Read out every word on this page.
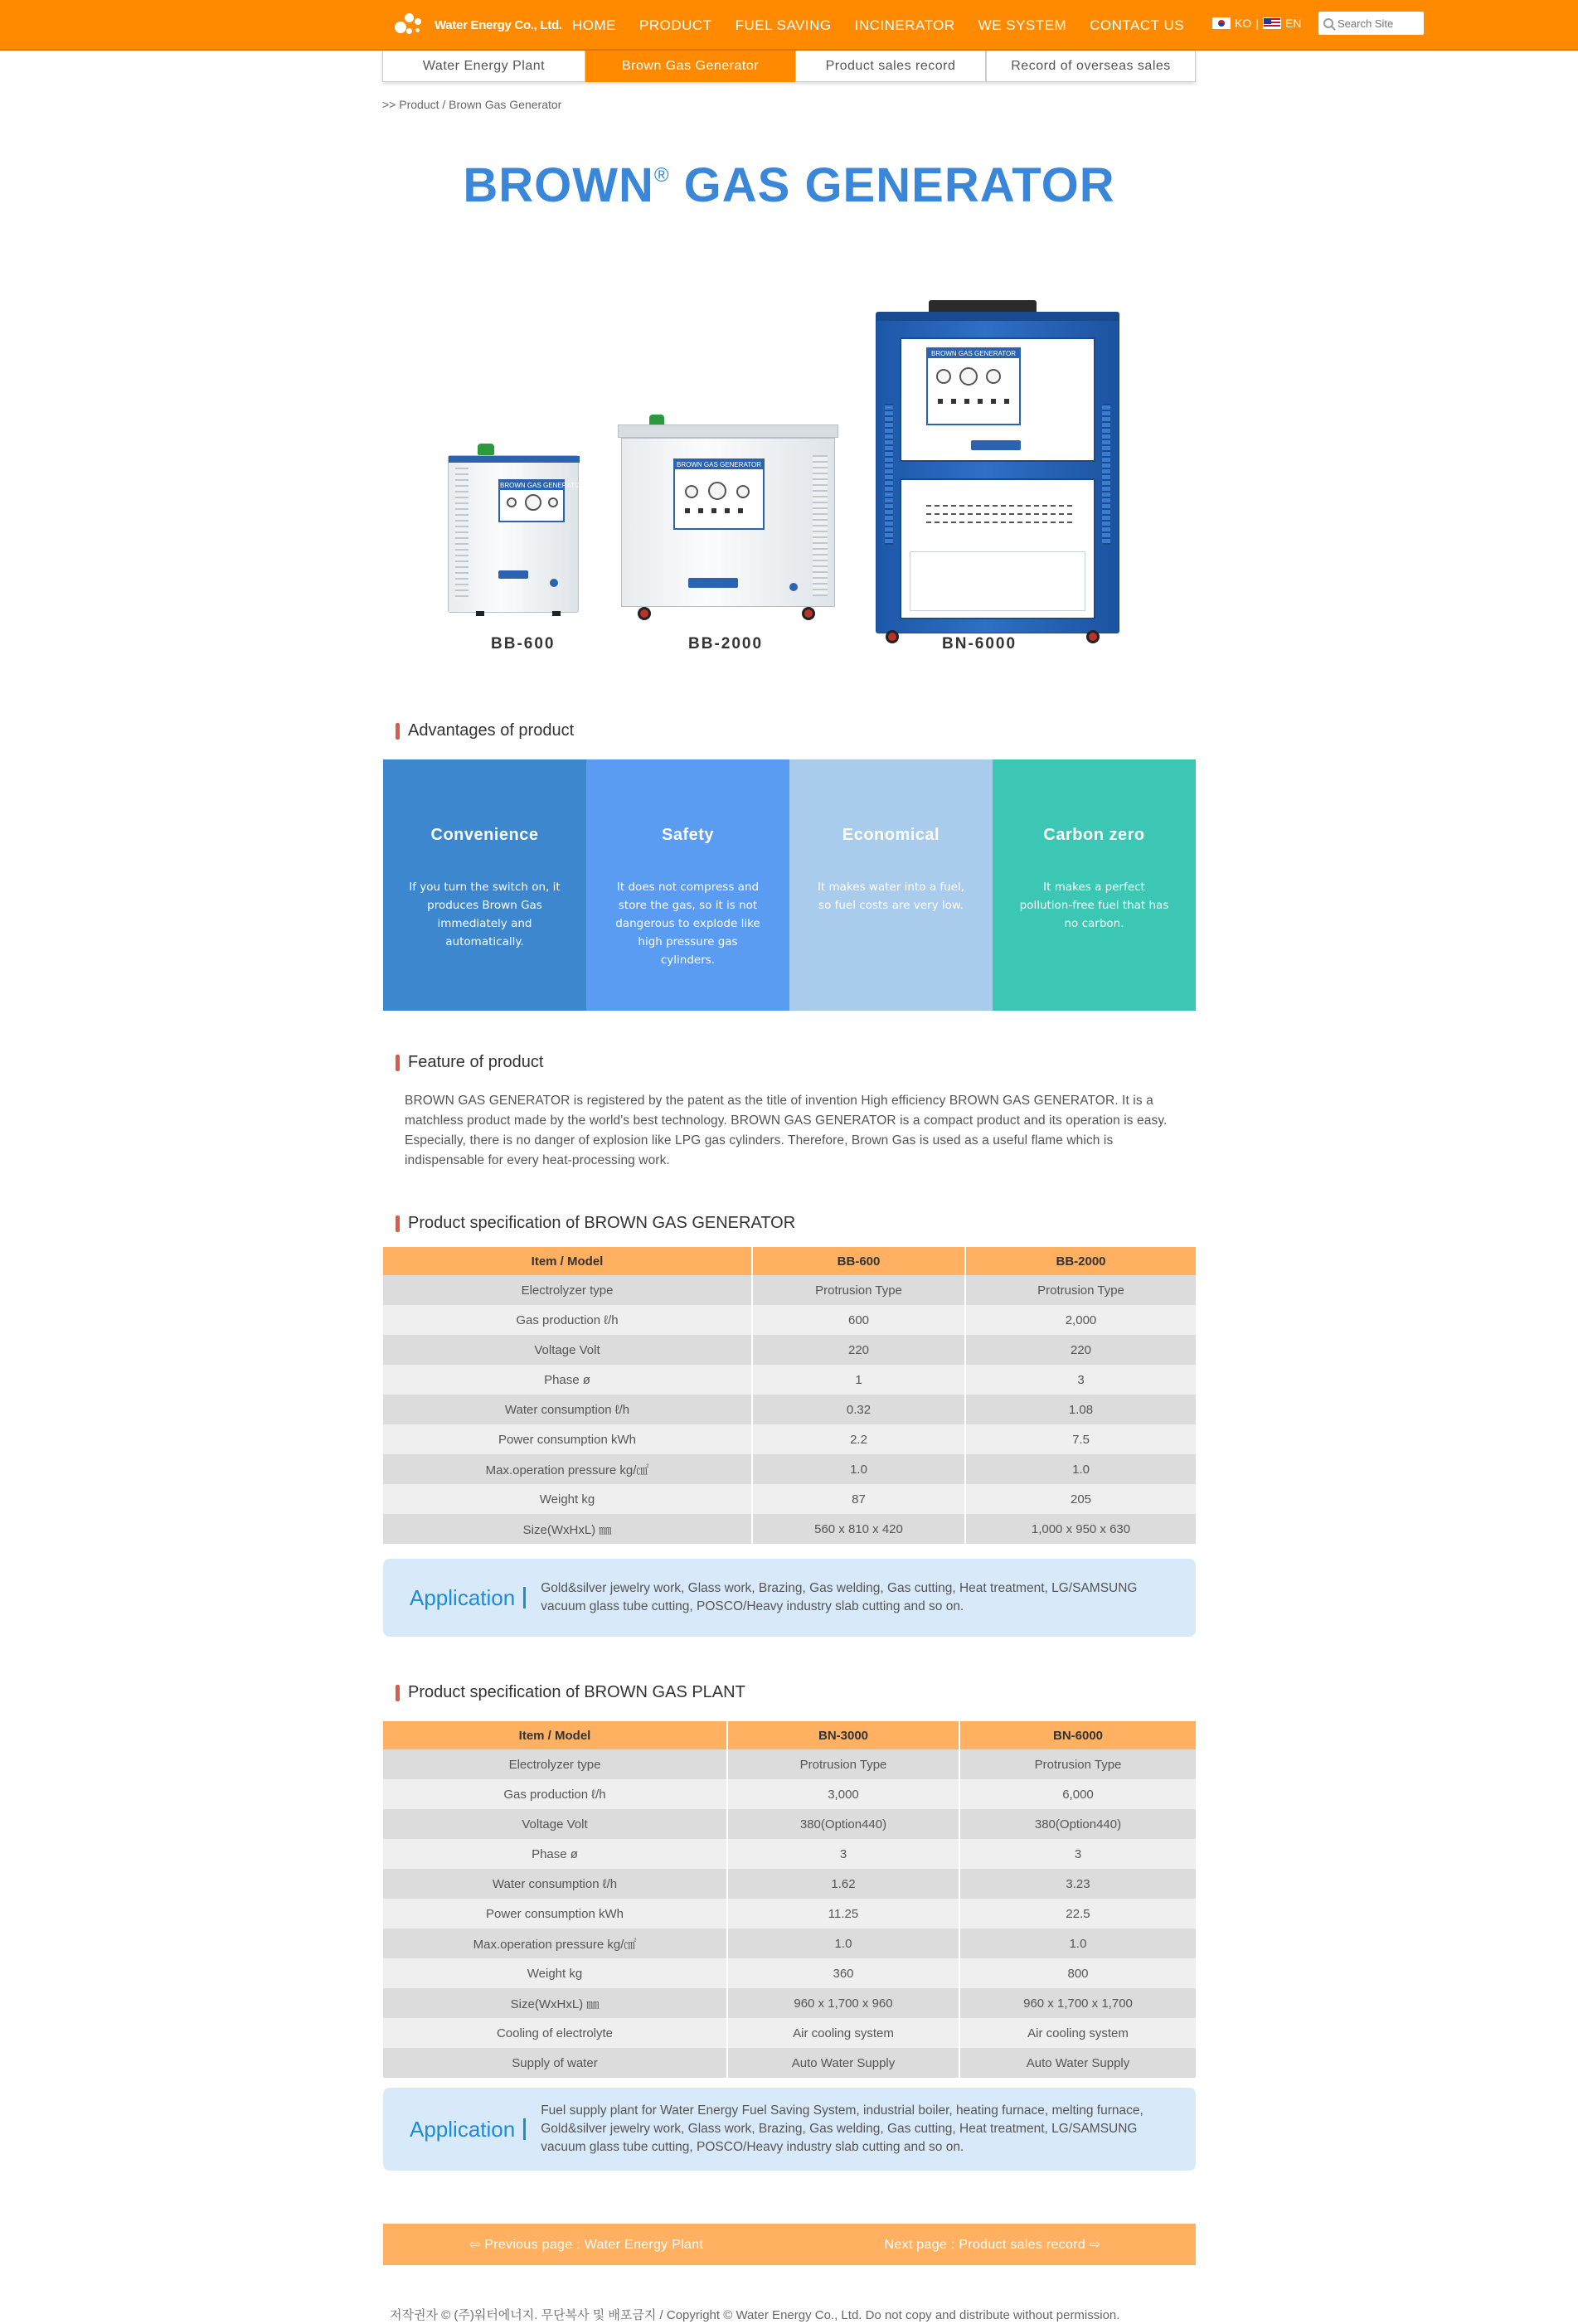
Water Energy Co., Ltd. HOME PRODUCT FUEL SAVING INCINERATOR WE SYSTEM CONTACT US	KO | EN
Search Site
Water Energy Plant	Brown Gas Generator	Product sales record	Record of overseas sales
>> Product / Brown Gas Generator
BROWN® GAS GENERATOR
BROWN GAS GENERATOR
BB-600
BROWN GAS GENERATOR
BB-2000
BROWN GAS GENERATOR
BN-6000
Advantages of product
Convenience

If you turn the switch on, it produces Brown Gas immediately and automatically.

Safety

It does not compress and store the gas, so it is not dangerous to explode like high pressure gas cylinders.

Economical

It makes water into a fuel, so fuel costs are very low.

Carbon zero

It makes a perfect pollution-free fuel that has no carbon.

Feature of product

BROWN GAS GENERATOR is registered by the patent as the title of invention High efficiency BROWN GAS GENERATOR. It is a matchless product made by the world's best technology. BROWN GAS GENERATOR is a compact product and its operation is easy. Especially, there is no danger of explosion like LPG gas cylinders. Therefore, Brown Gas is used as a useful flame which is indispensable for every heat-processing work.

Product specification of BROWN GAS GENERATOR
Item / Model	BB-600	BB-2000
Electrolyzer type	Protrusion Type	Protrusion Type
Gas production ℓ/h	600	2,000
Voltage Volt	220	220
Phase ø	1	3
Water consumption ℓ/h	0.32	1.08
Power consumption kWh	2.2	7.5
Max.operation pressure kg/㎠	1.0	1.0
Weight kg	87	205
Size(WxHxL) ㎜	560 x 810 x 420	1,000 x 950 x 630
Application	Gold&silver jewelry work, Glass work, Brazing, Gas welding, Gas cutting, Heat treatment, LG/SAMSUNG vacuum glass tube cutting, POSCO/Heavy industry slab cutting and so on.
Product specification of BROWN GAS PLANT
Item / Model	BN-3000	BN-6000
Electrolyzer type	Protrusion Type	Protrusion Type
Gas production ℓ/h	3,000	6,000
Voltage Volt	380(Option440)	380(Option440)
Phase ø	3	3
Water consumption ℓ/h	1.62	3.23
Power consumption kWh	11.25	22.5
Max.operation pressure kg/㎠	1.0	1.0
Weight kg	360	800
Size(WxHxL) ㎜	960 x 1,700 x 960	960 x 1,700 x 1,700
Cooling of electrolyte	Air cooling system	Air cooling system
Supply of water	Auto Water Supply	Auto Water Supply
Application
Fuel supply plant for Water Energy Fuel Saving System, industrial boiler, heating furnace, melting furnace, Gold&silver jewelry work, Glass work, Brazing, Gas welding, Gas cutting, Heat treatment, LG/SAMSUNG vacuum glass tube cutting, POSCO/Heavy industry slab cutting and so on.
⇦ Previous page : Water Energy Plant	Next page : Product sales record ⇨
저작권자 © (주)워터에너지. 무단복사 및 배포금지 / Copyright © Water Energy Co., Ltd. Do not copy and distribute without permission.
